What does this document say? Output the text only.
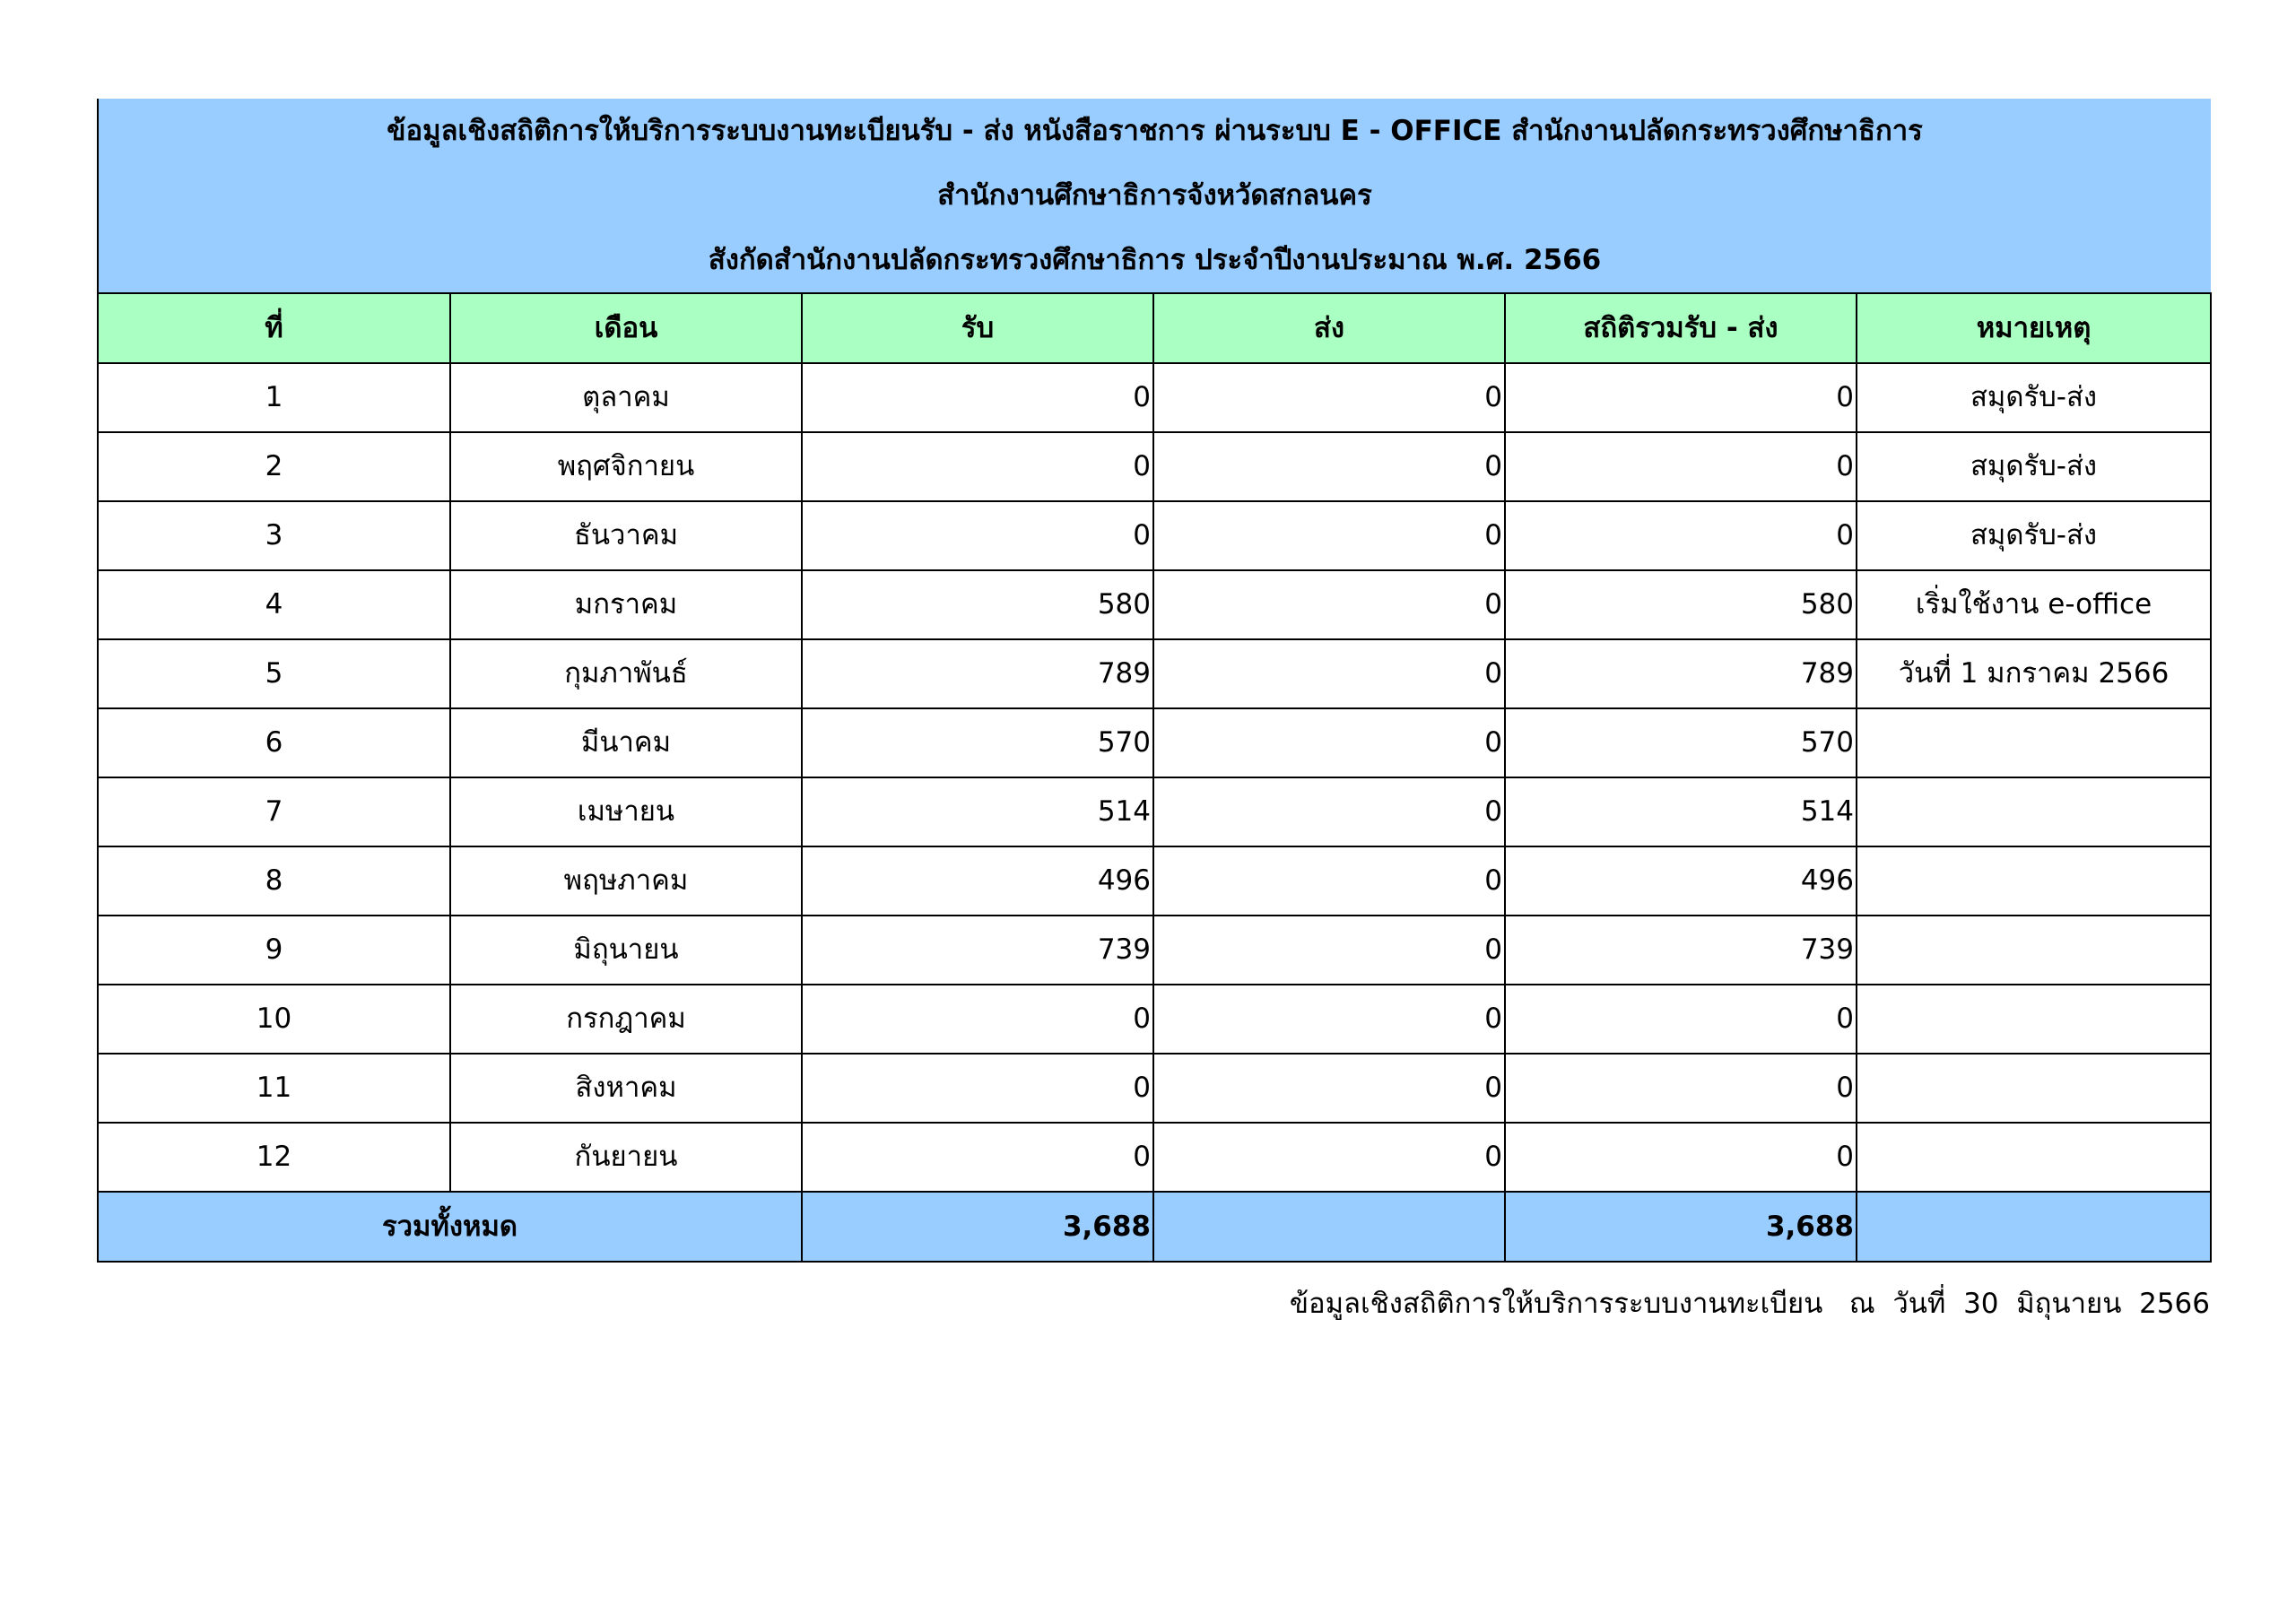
ข้อมูลเชิงสถิติการให้บริการระบบงานทะเบียนรับ - ส่ง หนังสือราชการ ผ่านระบบ E - OFFICE สำนักงานปลัดกระทรวงศึกษาธิการ
สำนักงานศึกษาธิการจังหวัดสกลนคร
สังกัดสำนักงานปลัดกระทรวงศึกษาธิการ ประจำปีงานประมาณ พ.ศ. 2566					

ที่	เดือน	รับ	ส่ง	สถิติรวมรับ - ส่ง	หมายเหตุ
1	ตุลาคม	0	0	0	สมุดรับ-ส่ง
2	พฤศจิกายน	0	0	0	สมุดรับ-ส่ง
3	ธันวาคม	0	0	0	สมุดรับ-ส่ง
4	มกราคม	580	0	580	เริ่มใช้งาน e-office
5	กุมภาพันธ์	789	0	789	วันที่ 1 มกราคม 2566
6	มีนาคม	570	0	570	
7	เมษายน	514	0	514	
8	พฤษภาคม	496	0	496	
9	มิถุนายน	739	0	739	
10	กรกฎาคม	0	0	0	
11	สิงหาคม	0	0	0	
12	กันยายน	0	0	0	
รวมทั้งหมด		3,688		3,688	
ข้อมูลเชิงสถิติการให้บริการระบบงานทะเบียน   ณ  วันที่  30  มิถุนายน  2566
